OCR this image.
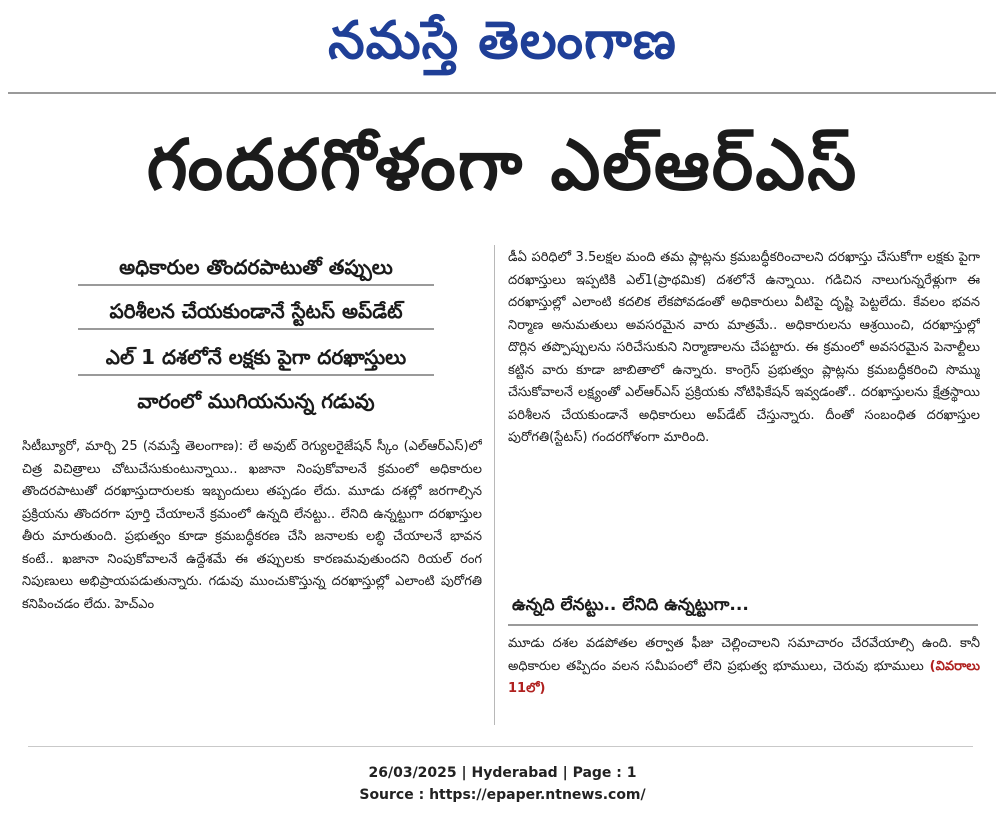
నమస్తే తెలంగాణ
గందరగోళంగా ఎల్‌ఆర్‌ఎస్‌
అధికారుల తొందరపాటుతో తప్పులు
పరిశీలన చేయకుండానే స్టేటస్‌ అప్‌డేట్‌
ఎల్‌ 1 దశలోనే లక్షకు పైగా దరఖాస్తులు
వారంలో ముగియనున్న గడువు
సిటీబ్యూరో, మార్చి 25 (నమస్తే తెలంగాణ): లే అవుట్‌ రెగ్యులరైజేషన్‌ స్కీం (ఎల్‌ఆర్‌ఎస్‌)లో చిత్ర విచిత్రాలు చోటుచేసుకుంటున్నాయి.. ఖజానా నింపుకోవాలనే క్రమంలో అధికారుల తొందరపాటుతో దరఖాస్తుదారులకు ఇబ్బందులు తప్పడం లేదు. మూడు దశల్లో జరగాల్సిన ప్రక్రియను తొందరగా పూర్తి చేయాలనే క్రమంలో ఉన్నది లేనట్టు.. లేనిది ఉన్నట్టుగా దరఖాస్తుల తీరు మారుతుంది. ప్రభుత్వం కూడా క్రమబద్ధీకరణ చేసి జనాలకు లబ్ధి చేయాలనే భావన కంటే.. ఖజానా నింపుకోవాలనే ఉద్దేశమే ఈ తప్పులకు కారణమవుతుందని రియల్‌ రంగ నిపుణులు అభిప్రాయపడుతున్నారు. గడువు ముంచుకొస్తున్న దరఖాస్తుల్లో ఎలాంటి పురోగతి కనిపించడం లేదు. హెచ్‌ఎం
డీఏ పరిధిలో 3.5లక్షల మంది తమ ప్లాట్లను క్రమబద్ధీకరించాలని దరఖాస్తు చేసుకోగా లక్షకు పైగా దరఖాస్తులు ఇప్పటికి ఎల్‌1(ప్రాథమిక) దశలోనే ఉన్నాయి. గడిచిన నాలుగున్నరేళ్లుగా ఈ దరఖాస్తుల్లో ఎలాంటి కదలిక లేకపోవడంతో అధికారులు వీటిపై దృష్టి పెట్టలేదు. కేవలం భవన నిర్మాణ అనుమతులు అవసరమైన వారు మాత్రమే.. అధికారులను ఆశ్రయించి, దరఖాస్తుల్లో దొర్లిన తప్పొప్పులను సరిచేసుకుని నిర్మాణాలను చేపట్టారు. ఈ క్రమంలో అవసరమైన పెనాల్టీలు కట్టిన వారు కూడా జాబితాలో ఉన్నారు. కాంగ్రెస్‌ ప్రభుత్వం ప్లాట్లను క్రమబద్ధీకరించి సొమ్ము చేసుకోవాలనే లక్ష్యంతో ఎల్‌ఆర్‌ఎస్‌ ప్రక్రియకు నోటిఫికేషన్‌ ఇవ్వడంతో.. దరఖాస్తులను క్షేత్రస్థాయి పరిశీలన చేయకుండానే అధికారులు అప్‌డేట్‌ చేస్తున్నారు. దీంతో సంబంధిత దరఖాస్తుల పురోగతి(స్టేటస్‌) గందరగోళంగా మారింది.
ఉన్నది లేనట్టు.. లేనిది ఉన్నట్టుగా...
మూడు దశల వడపోతల తర్వాత ఫీజు చెల్లించాలని సమాచారం చేరవేయాల్సి ఉంది. కానీ అధికారుల తప్పిదం వలన సమీపంలో లేని ప్రభుత్వ భూములు, చెరువు భూములు (వివరాలు 11లో)
26/03/2025 | Hyderabad | Page : 1
Source : https://epaper.ntnews.com/
